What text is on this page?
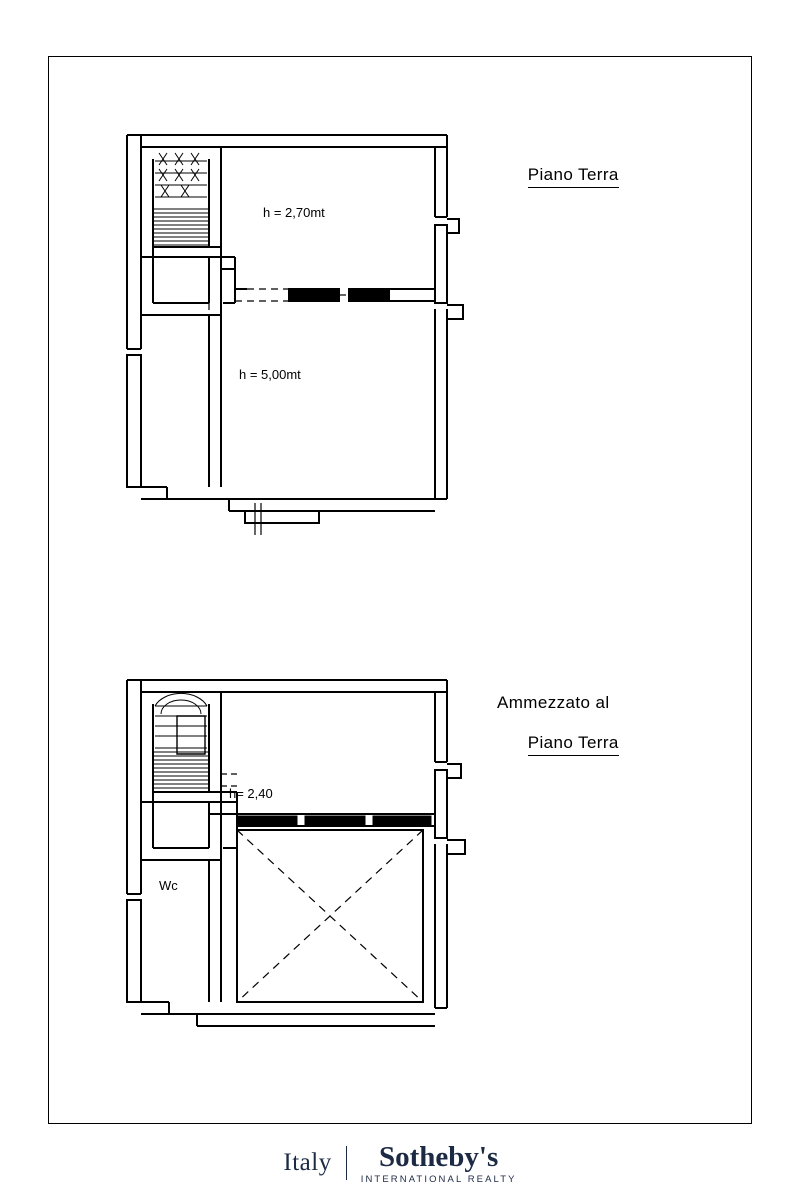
h = 2,70mt
h = 5,00mt
h= 2,40
Wc

Piano Terra

Ammezzato al

Piano Terra

Italy Sotheby's
INTERNATIONAL REALTY
